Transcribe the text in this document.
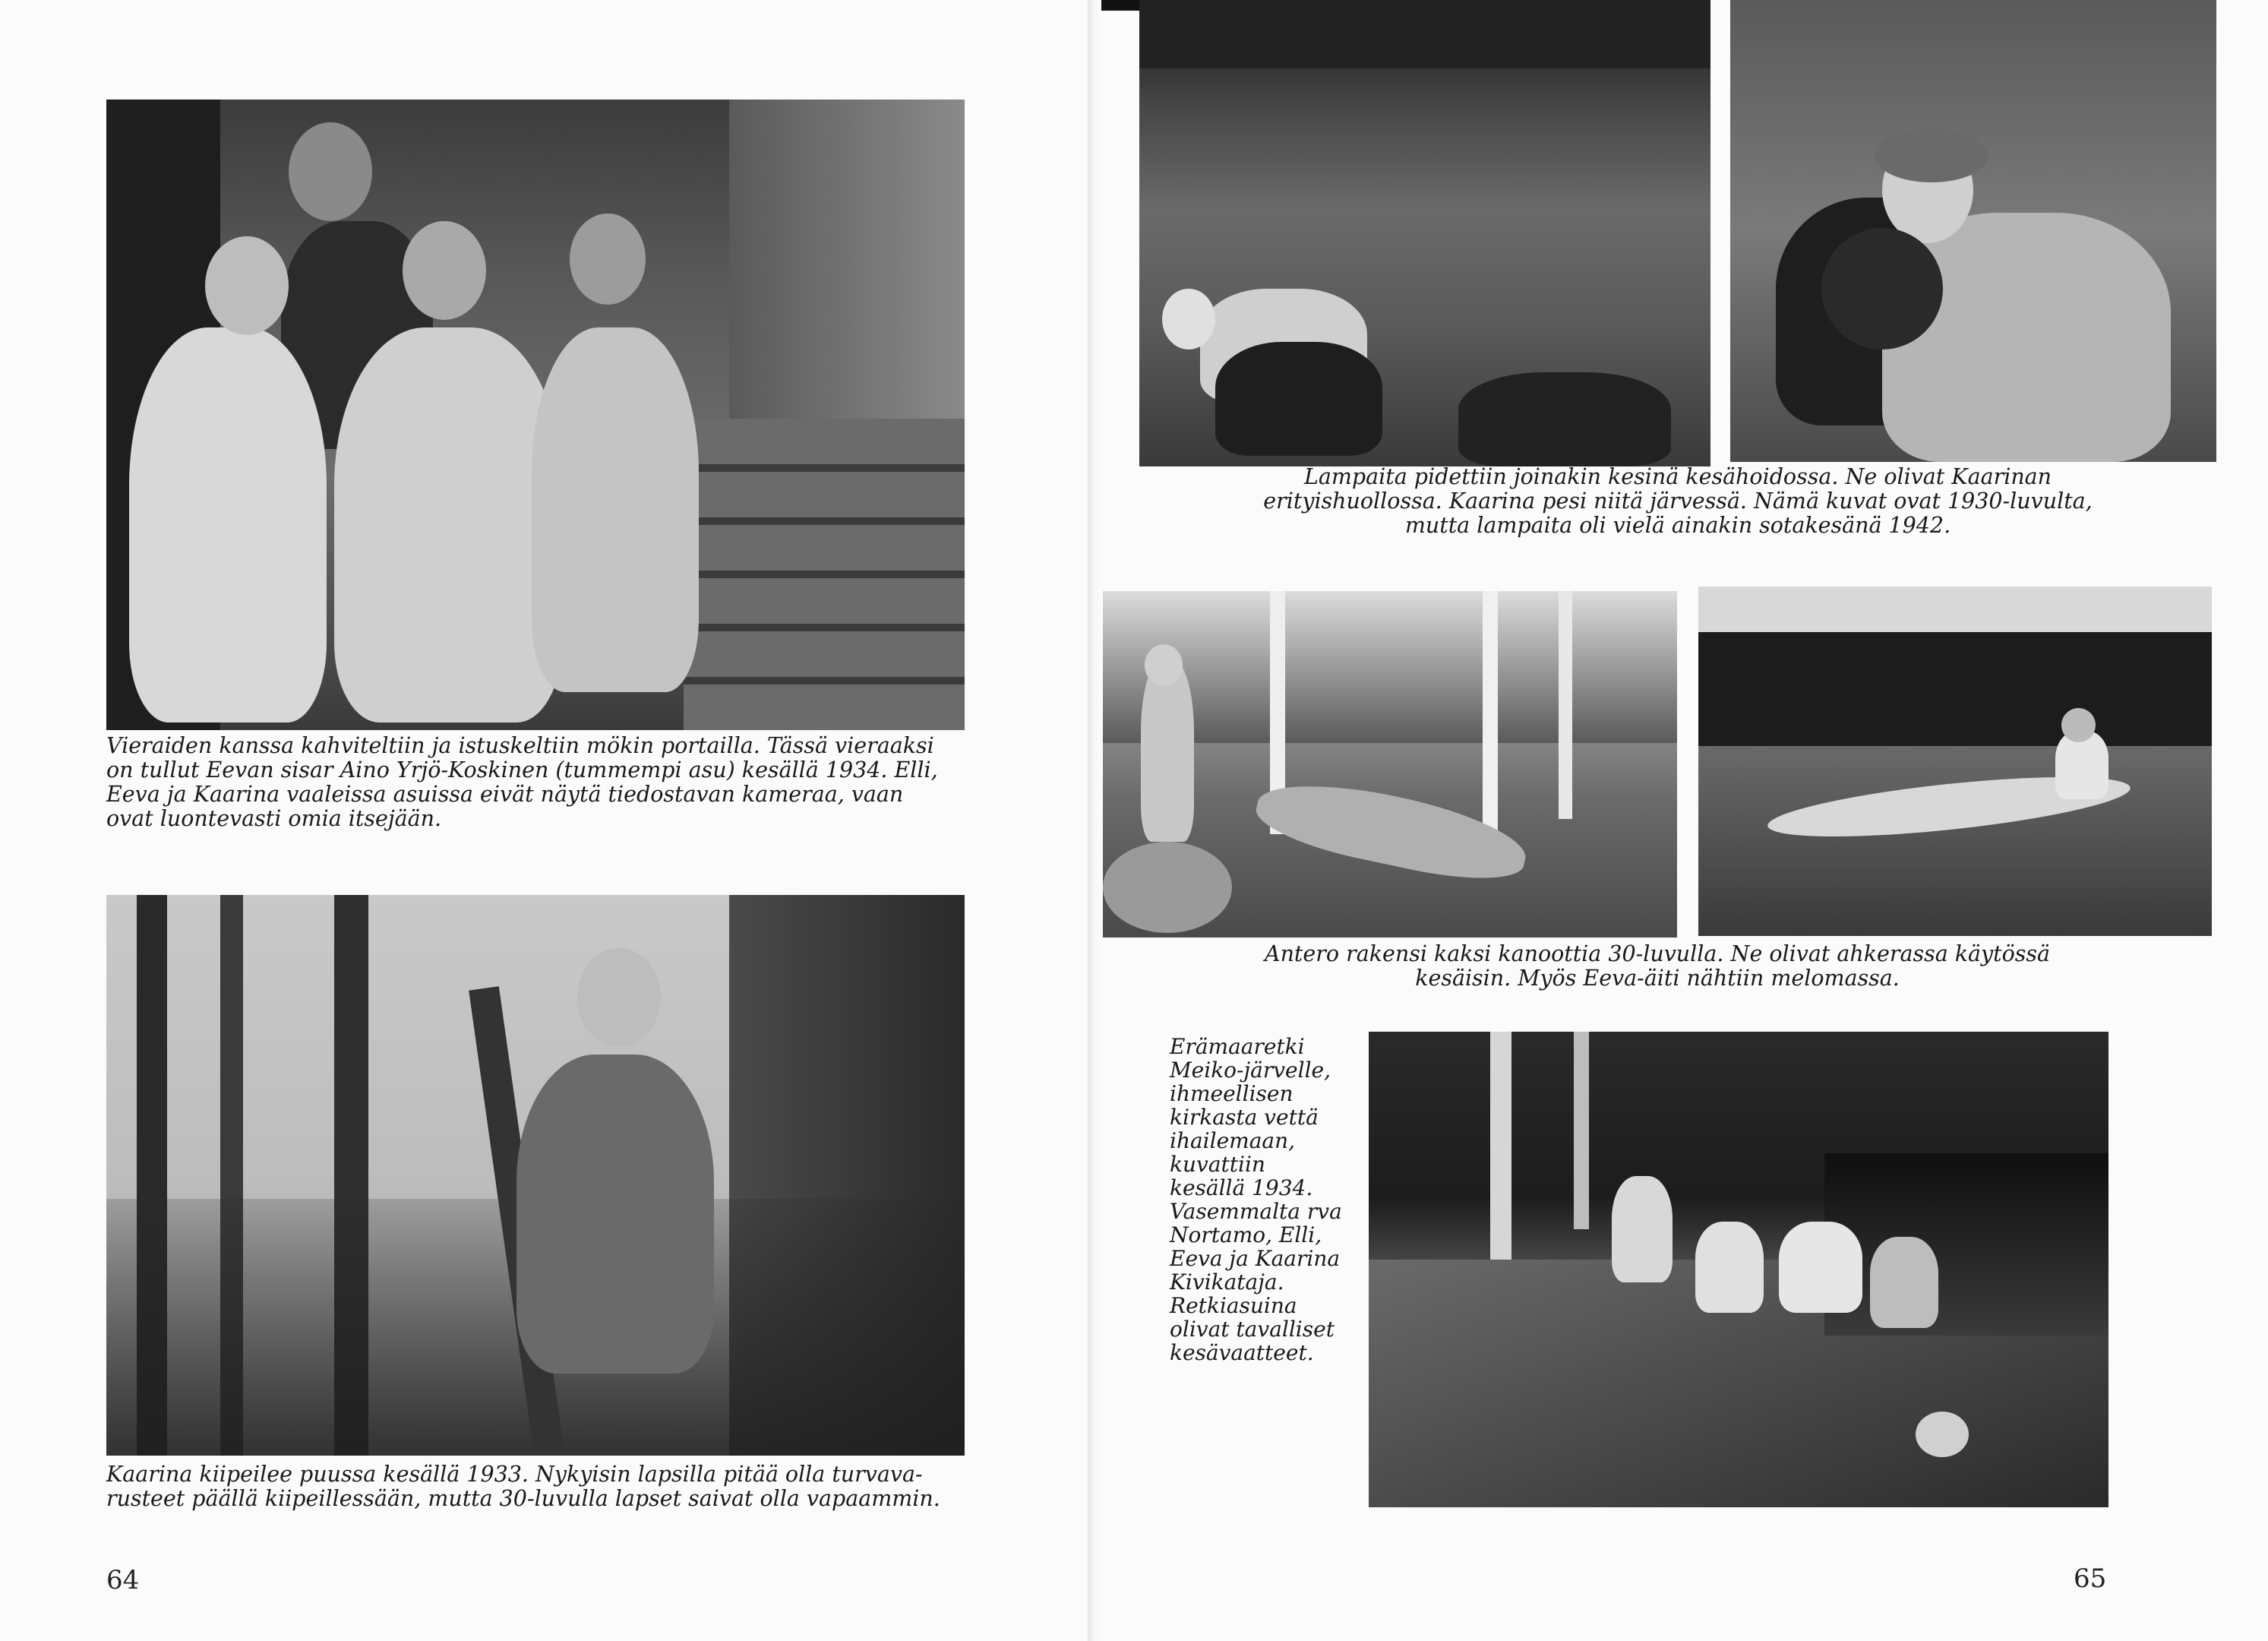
Vieraiden kanssa kahviteltiin ja istuskeltiin mökin portailla. Tässä vieraaksi
on tullut Eevan sisar Aino Yrjö-Koskinen (tummempi asu) kesällä 1934. Elli,
Eeva ja Kaarina vaaleissa asuissa eivät näytä tiedostavan kameraa, vaan
ovat luontevasti omia itsejään.
Kaarina kiipeilee puussa kesällä 1933. Nykyisin lapsilla pitää olla turvava-
rusteet päällä kiipeillessään, mutta 30-luvulla lapset saivat olla vapaammin.
64
Lampaita pidettiin joinakin kesinä kesähoidossa. Ne olivat Kaarinan
erityishuollossa. Kaarina pesi niitä järvessä. Nämä kuvat ovat 1930-luvulta,
mutta lampaita oli vielä ainakin sotakesänä 1942.
Antero rakensi kaksi kanoottia 30-luvulla. Ne olivat ahkerassa käytössä
kesäisin. Myös Eeva-äiti nähtiin melomassa.
Erämaaretki
Meiko-järvelle,
ihmeellisen
kirkasta vettä
ihailemaan,
kuvattiin
kesällä 1934.
Vasemmalta rva
Nortamo, Elli,
Eeva ja Kaarina
Kivikataja.
Retkiasuina
olivat tavalliset
kesävaatteet.
65
